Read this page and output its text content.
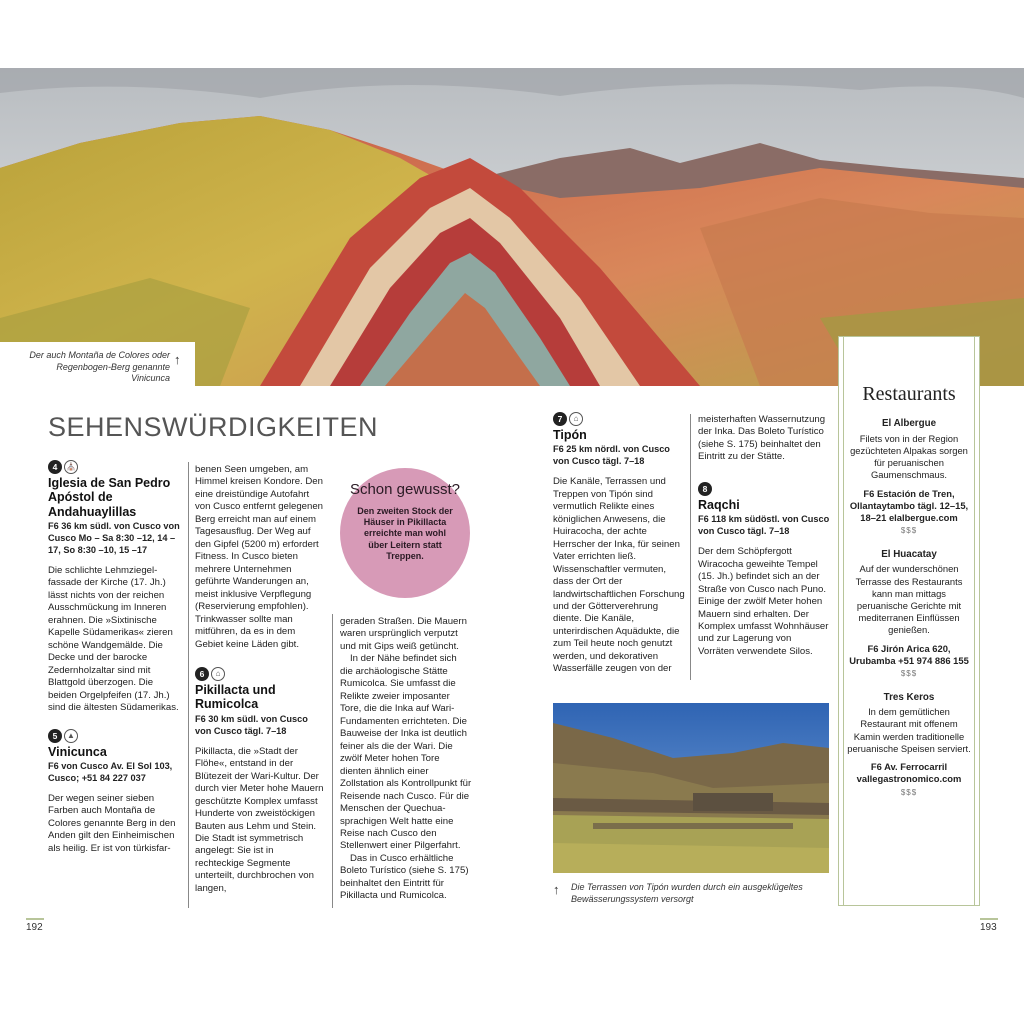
Der auch Montaña de Colores oder Regenbogen-Berg genannte Vinicunca
↑
SEHENSWÜRDIGKEITEN
4 ⛪
Iglesia de San Pedro Apóstol de Andahuaylillas
F6 36 km südl. von Cusco von Cusco Mo – Sa 8:30 –12, 14 –17, So 8:30 –10, 15 –17

Die schlichte Lehmziegel-fassade der Kirche (17. Jh.) lässt nichts von der reichen Ausschmückung im Inneren erahnen. Die »Sixtinische Kapelle Südamerikas« zieren schöne Wandgemälde. Die Decke und der barocke Zedernholzaltar sind mit Blattgold überzogen. Die beiden Orgelpfeifen (17. Jh.) sind die ältesten Südamerikas.

5 ▲
Vinicunca
F6 von Cusco Av. El Sol 103, Cusco; +51 84 227 037

Der wegen seiner sieben Farben auch Montaña de Colores genannte Berg in den Anden gilt den Einheimischen als heilig. Er ist von türkisfar-

benen Seen umgeben, am Himmel kreisen Kondore. Den eine dreistündige Autofahrt von Cusco entfernt gelegenen Berg erreicht man auf einem Tagesausflug. Der Weg auf den Gipfel (5200 m) erfordert Fitness. In Cusco bieten mehrere Unternehmen geführte Wanderungen an, meist inklusive Verpflegung (Reservierung empfohlen). Trinkwasser sollte man mitführen, da es in dem Gebiet keine Läden gibt.

6 ⌂
Pikillacta und Rumicolca
F6 30 km südl. von Cusco von Cusco tägl. 7–18

Pikillacta, die »Stadt der Flöhe«, entstand in der Blütezeit der Wari-Kultur. Der durch vier Meter hohe Mauern geschützte Komplex umfasst Hunderte von zweistöckigen Bauten aus Lehm und Stein. Die Stadt ist symmetrisch angelegt: Sie ist in rechteckige Segmente unterteilt, durchbrochen von langen,

Schon gewusst?
Den zweiten Stock der Häuser in Pikillacta erreichte man wohl über Leitern statt Treppen.

geraden Straßen. Die Mauern waren ursprünglich verputzt und mit Gips weiß getüncht.

In der Nähe befindet sich die archäologische Stätte Rumicolca. Sie umfasst die Relikte zweier imposanter Tore, die die Inka auf Wari-Fundamenten errichteten. Die Bauweise der Inka ist deutlich feiner als die der Wari. Die zwölf Meter hohen Tore dienten ähnlich einer Zollstation als Kontrollpunkt für Reisende nach Cusco. Für die Menschen der Quechua-sprachigen Welt hatte eine Reise nach Cusco den Stellenwert einer Pilgerfahrt.

Das in Cusco erhältliche Boleto Turístico (siehe S. 175) beinhaltet den Eintritt für Pikillacta und Rumicolca.

7 ⌂
Tipón
F6 25 km nördl. von Cusco von Cusco tägl. 7–18

Die Kanäle, Terrassen und Treppen von Tipón sind vermutlich Relikte eines königlichen Anwesens, die Huiracocha, der achte Herrscher der Inka, für seinen Vater errichten ließ. Wissenschaftler vermuten, dass der Ort der landwirtschaftlichen Forschung und der Götterverehrung diente. Die Kanäle, unterirdischen Aquädukte, die zum Teil heute noch genutzt werden, und dekorativen Wasserfälle zeugen von der

meisterhaften Wassernutzung der Inka. Das Boleto Turístico (siehe S. 175) beinhaltet den Eintritt zu der Stätte.

8
Raqchi
F6 118 km südöstl. von Cusco von Cusco tägl. 7–18

Der dem Schöpfergott Wiracocha geweihte Tempel (15. Jh.) befindet sich an der Straße von Cusco nach Puno. Einige der zwölf Meter hohen Mauern sind erhalten. Der Komplex umfasst Wohnhäuser und zur Lagerung von Vorräten verwendete Silos.

↑ Die Terrassen von Tipón wurden durch ein ausgeklügeltes Bewässerungssystem versorgt
Restaurants
El Albergue
Filets von in der Region gezüchteten Alpakas sorgen für peruanischen Gaumenschmaus.
F6 Estación de Tren, Ollantaytambo tägl. 12–15, 18–21 elalbergue.com
$$$
El Huacatay
Auf der wunderschönen Terrasse des Restaurants kann man mittags peruanische Gerichte mit mediterranen Einflüssen genießen.
F6 Jirón Arica 620, Urubamba +51 974 886 155
$$$
Tres Keros
In dem gemütlichen Restaurant mit offenem Kamin werden traditionelle peruanische Speisen serviert.
F6 Av. Ferrocarril vallegastronomico.com
$$$
192	193
